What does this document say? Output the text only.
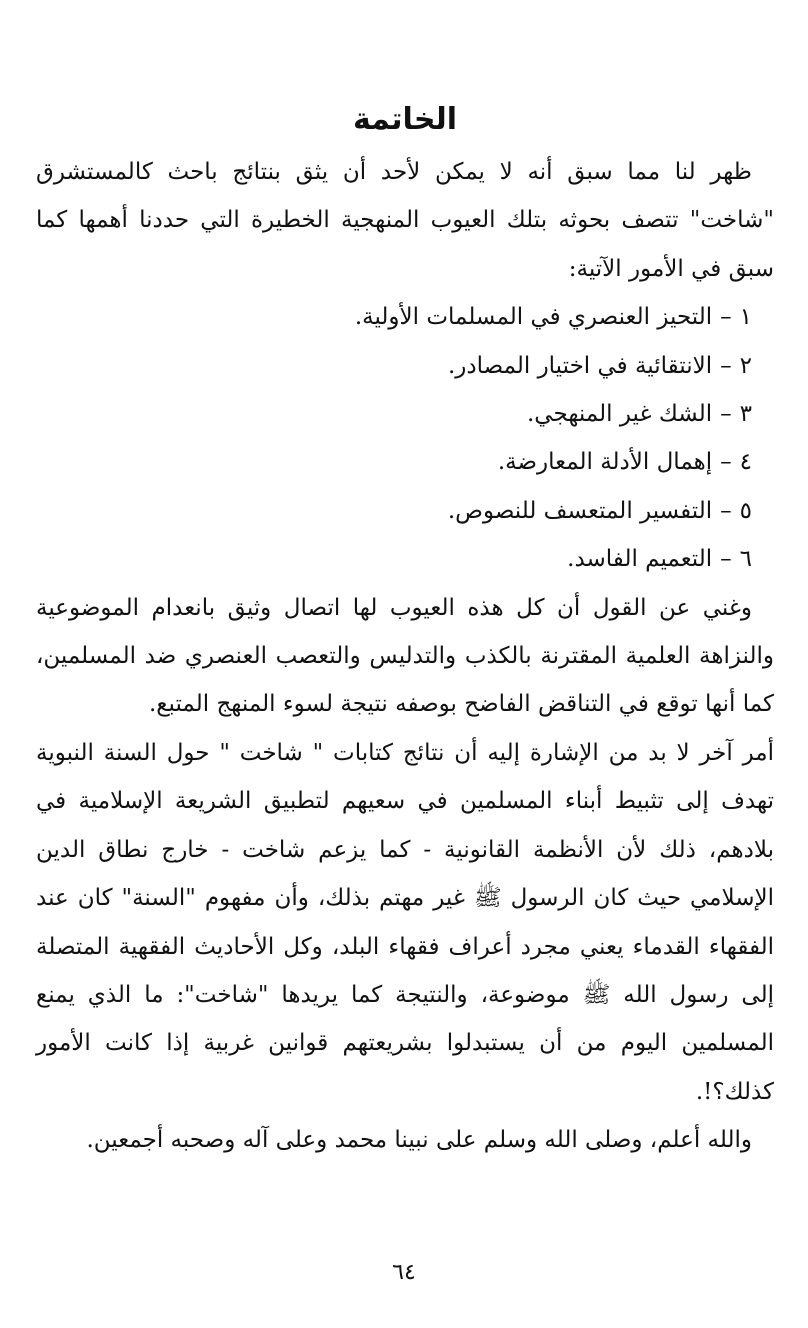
الخاتمة

ظهر لنا مما سبق أنه لا يمكن لأحد أن يثق بنتائج باحث كالمستشرق "شاخت" تتصف بحوثه بتلك العيوب المنهجية الخطيرة التي حددنا أهمها كما سبق في الأمور الآتية:

١–التحيز العنصري في المسلمات الأولية.
٢–الانتقائية في اختيار المصادر.
٣–الشك غير المنهجي.
٤–إهمال الأدلة المعارضة.
٥–التفسير المتعسف للنصوص.
٦–التعميم الفاسد.

وغني عن القول أن كل هذه العيوب لها اتصال وثيق بانعدام الموضوعية والنزاهة العلمية المقترنة بالكذب والتدليس والتعصب العنصري ضد المسلمين، كما أنها توقع في التناقض الفاضح بوصفه نتيجة لسوء المنهج المتبع.

أمر آخر لا بد من الإشارة إليه أن نتائج كتابات " شاخت " حول السنة النبوية تهدف إلى تثبيط أبناء المسلمين في سعيهم لتطبيق الشريعة الإسلامية في بلادهم، ذلك لأن الأنظمة القانونية - كما يزعم شاخت - خارج نطاق الدين الإسلامي حيث كان الرسول ﷺ غير مهتم بذلك، وأن مفهوم "السنة" كان عند الفقهاء القدماء يعني مجرد أعراف فقهاء البلد، وكل الأحاديث الفقهية المتصلة إلى رسول الله ﷺ موضوعة، والنتيجة كما يريدها "شاخت": ما الذي يمنع المسلمين اليوم من أن يستبدلوا بشريعتهم قوانين غربية إذا كانت الأمور كذلك؟!.

والله أعلم، وصلى الله وسلم على نبينا محمد وعلى آله وصحبه أجمعين.

٦٤
